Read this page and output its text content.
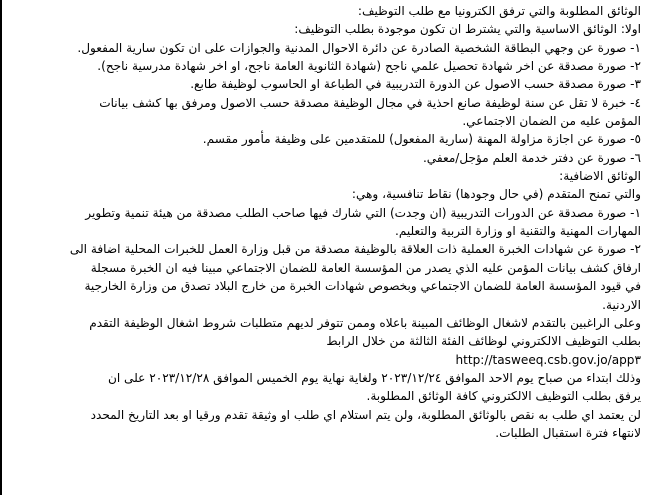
الوثائق المطلوبة والتي ترفق الكترونيا مع طلب التوظيف:
اولا: الوثائق الاساسية والتي يشترط ان تكون موجودة بطلب التوظيف:
١- صورة عن وجهي البطاقة الشخصية الصادرة عن دائرة الاحوال المدنية والجوازات على ان تكون سارية المفعول.
٢- صورة مصدقة عن اخر شهادة تحصيل علمي ناجح (شهادة الثانوية العامة ناجح، او اخر شهادة مدرسية ناجح).
٣- صورة مصدقة حسب الاصول عن الدورة التدريبية في الطباعة او الحاسوب لوظيفة طابع.
٤- خبرة لا تقل عن سنة لوظيفة صانع احذية في مجال الوظيفة مصدقة حسب الاصول ومرفق بها كشف بيانات
المؤمن عليه من الضمان الاجتماعي.
٥- صورة عن اجازة مزاولة المهنة (سارية المفعول) للمتقدمين على وظيفة مأمور مقسم.
٦- صورة عن دفتر خدمة العلم مؤجل/معفي.
الوثائق الاضافية:
والتي تمنح المتقدم (في حال وجودها) نقاط تنافسية، وهي:
١- صورة مصدقة عن الدورات التدريبية (ان وجدت) التي شارك فيها صاحب الطلب مصدقة من هيئة تنمية وتطوير
المهارات المهنية والتقنية او وزارة التربية والتعليم.
٢- صورة عن شهادات الخبرة العملية ذات العلاقة بالوظيفة مصدقة من قبل وزارة العمل للخبرات المحلية اضافة الى
ارفاق كشف بيانات المؤمن عليه الذي يصدر من المؤسسة العامة للضمان الاجتماعي مبينا فيه ان الخبرة مسجلة
في قيود المؤسسة العامة للضمان الاجتماعي وبخصوص شهادات الخبرة من خارج البلاد تصدق من وزارة الخارجية
الاردنية.
وعلى الراغبين بالتقدم لاشغال الوظائف المبينة باعلاه وممن تتوفر لديهم متطلبات شروط اشغال الوظيفة التقدم
بطلب التوظيف الالكتروني لوظائف الفئة الثالثة من خلال الرابط
http://tasweeq.csb.gov.jo/app٣
وذلك ابتداء من صباح يوم الاحد الموافق ٢٠٢٣/١٢/٢٤ ولغاية نهاية يوم الخميس الموافق ٢٠٢٣/١٢/٢٨ على ان
يرفق بطلب التوظيف الالكتروني كافة الوثائق المطلوبة.
لن يعتمد اي طلب به نقص بالوثائق المطلوبة، ولن يتم استلام اي طلب او وثيقة تقدم ورقيا او بعد التاريخ المحدد
لانتهاء فترة استقبال الطلبات.
